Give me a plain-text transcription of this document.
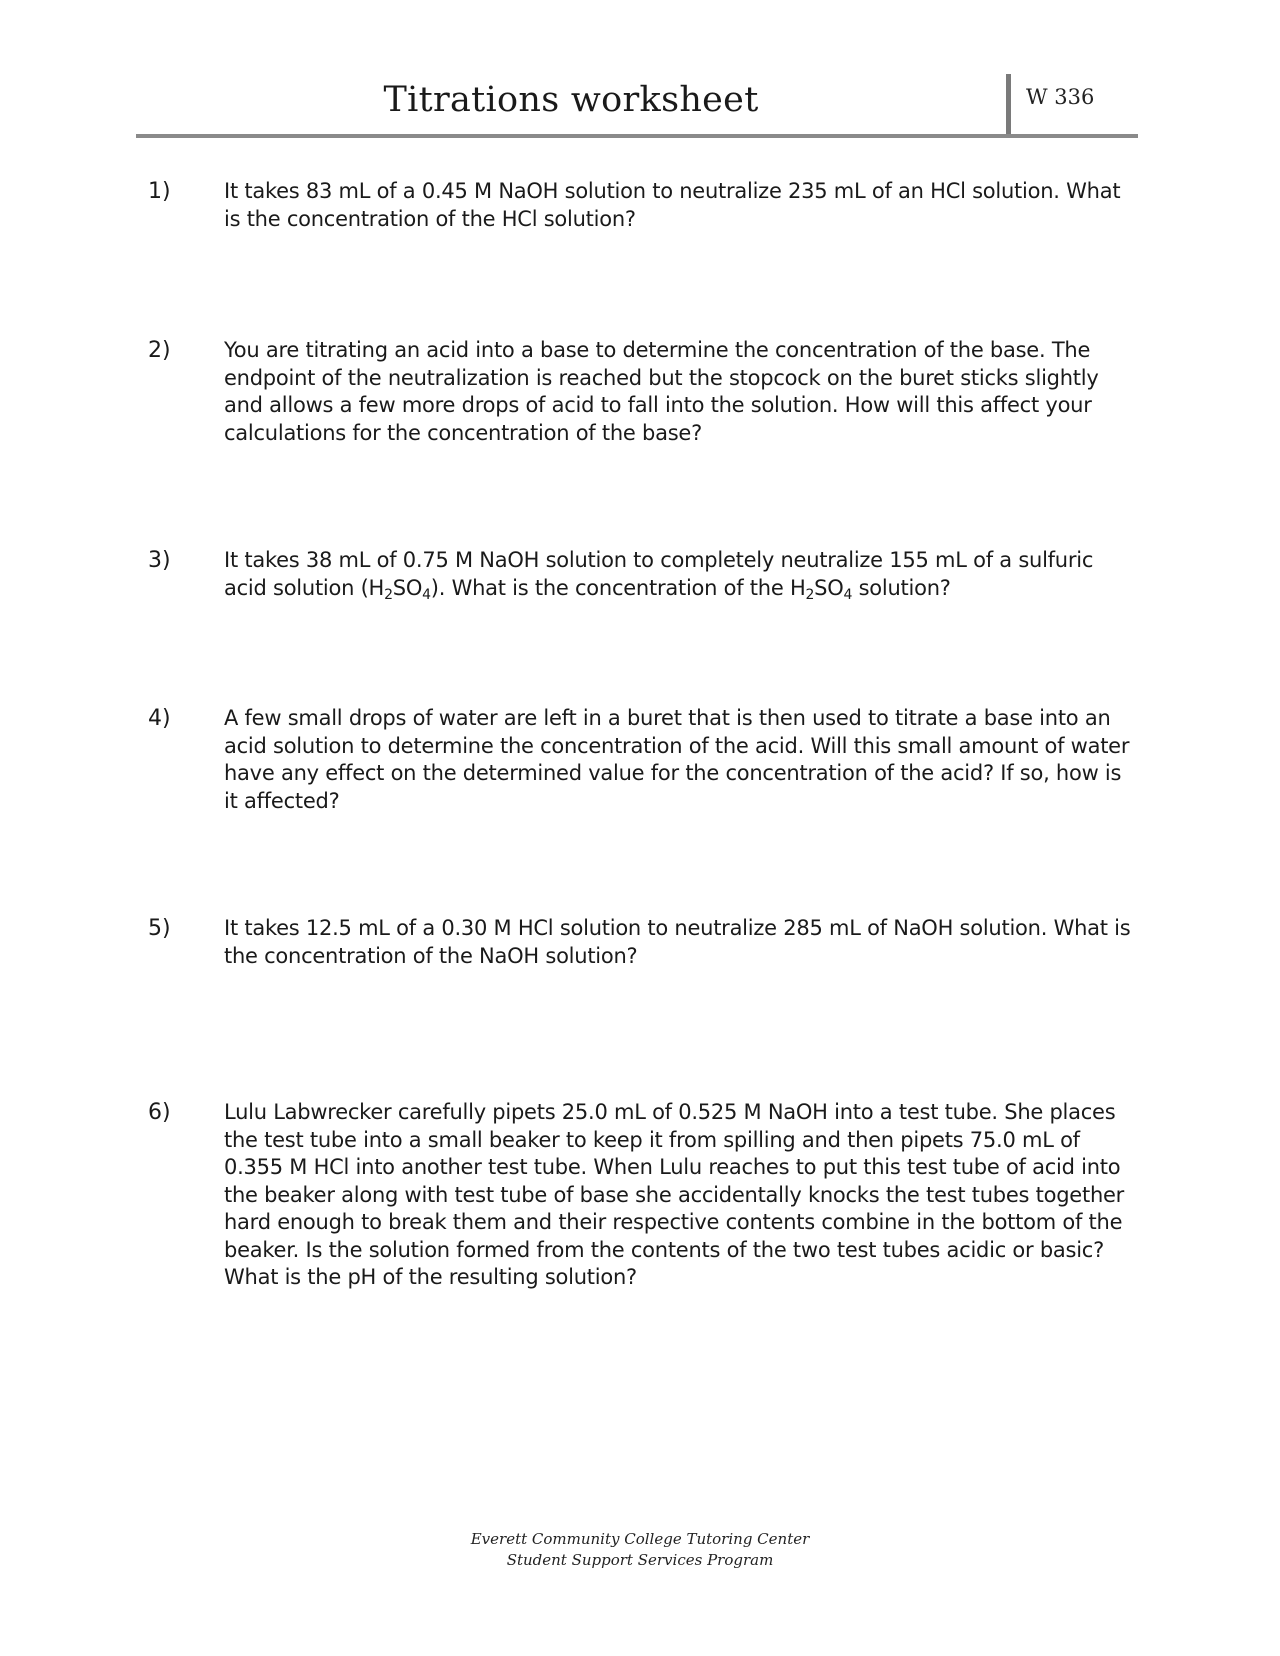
Titrations worksheet	W 336
1)	It takes 83 mL of a 0.45 M NaOH solution to neutralize 235 mL of an HCl solution. What is the concentration of the HCl solution?
2)	You are titrating an acid into a base to determine the concentration of the base. The endpoint of the neutralization is reached but the stopcock on the buret sticks slightly and allows a few more drops of acid to fall into the solution. How will this affect your calculations for the concentration of the base?
3)	It takes 38 mL of 0.75 M NaOH solution to completely neutralize 155 mL of a sulfuric acid solution $(H_2SO_4)$. What is the concentration of the $H_2SO_4$ solution?
4)	A few small drops of water are left in a buret that is then used to titrate a base into an acid solution to determine the concentration of the acid. Will this small amount of water have any effect on the determined value for the concentration of the acid? If so, how is it affected?
5)	It takes 12.5 mL of a 0.30 M HCl solution to neutralize 285 mL of NaOH solution. What is the concentration of the NaOH solution?
6)	Lulu Labwrecker carefully pipets 25.0 mL of 0.525 M NaOH into a test tube. She places the test tube into a small beaker to keep it from spilling and then pipets 75.0 mL of 0.355 M HCl into another test tube. When Lulu reaches to put this test tube of acid into the beaker along with test tube of base she accidentally knocks the test tubes together hard enough to break them and their respective contents combine in the bottom of the beaker. Is the solution formed from the contents of the two test tubes acidic or basic? What is the pH of the resulting solution?
Everett Community College Tutoring Center
Student Support Services Program
